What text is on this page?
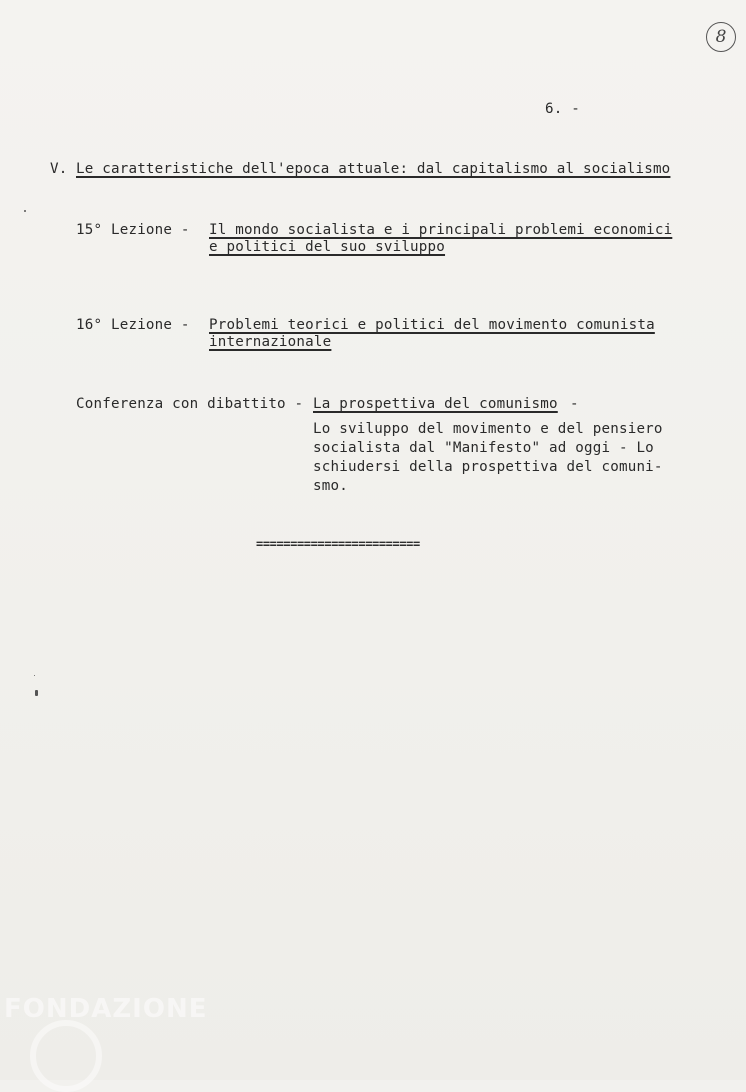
8
6. -
V. Le caratteristiche dell'epoca attuale: dal capitalismo al socialismo
15° Lezione - Il mondo socialista e i principali problemi economici
e politici del suo sviluppo
16° Lezione - Problemi teorici e politici del movimento comunista
internazionale
Conferenza con dibattito - La prospettiva del comunismo -
Lo sviluppo del movimento e del pensiero
socialista dal "Manifesto" ad oggi - Lo
schiudersi della prospettiva del comuni-
smo.
========================
FONDAZIONE
